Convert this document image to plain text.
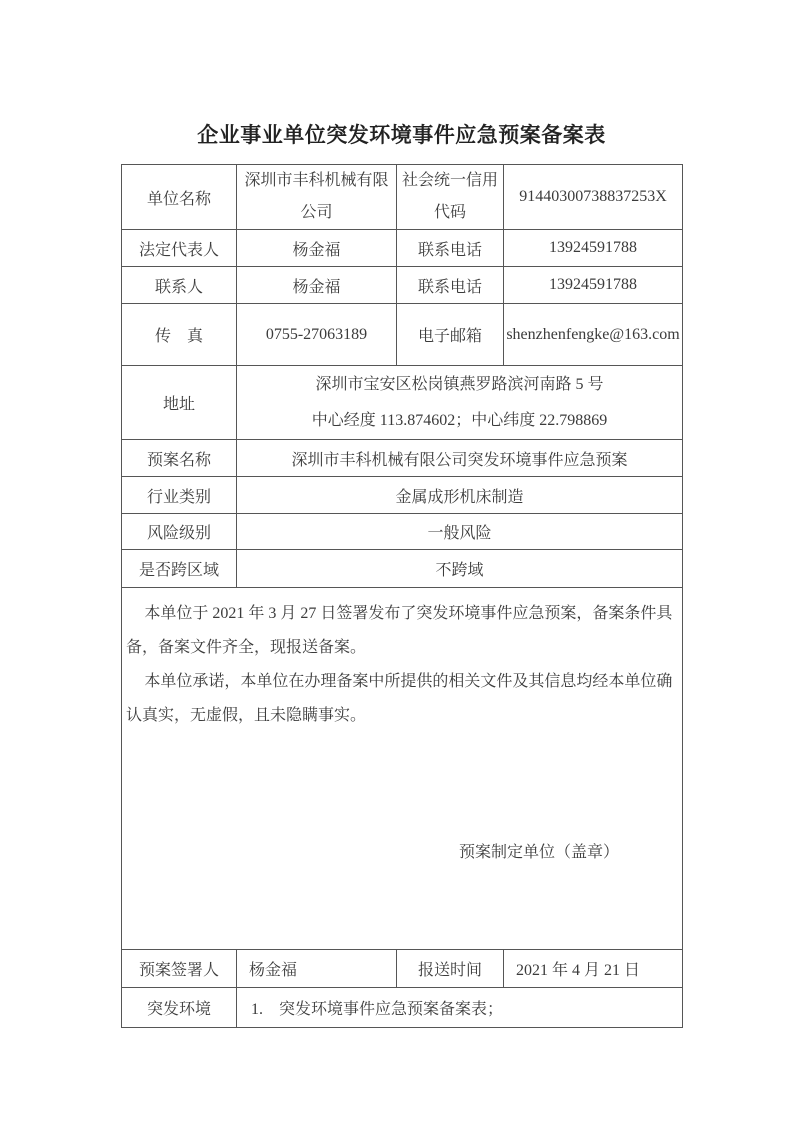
企业事业单位突发环境事件应急预案备案表
单位名称	深圳市丰科机械有限公司	社会统一信用代码	91440300738837253X
法定代表人	杨金福	联系电话	13924591788
联系人	杨金福	联系电话	13924591788
传　真	0755-27063189	电子邮箱	shenzhenfengke@163.com
地址	深圳市宝安区松岗镇燕罗路滨河南路 5 号
中心经度 113.874602；中心纬度 22.798869		

预案名称	深圳市丰科机械有限公司突发环境事件应急预案		
行业类别	金属成形机床制造		
风险级别	一般风险		
是否跨区域	不跨域		

本单位于 2021 年 3 月 27 日签署发布了突发环境事件应急预案，备案条件具备，备案文件齐全，现报送备案。

本单位承诺，本单位在办理备案中所提供的相关文件及其信息均经本单位确认真实，无虚假，且未隐瞒事实。

预案制定单位（盖章）			

预案签署人	杨金福	报送时间	2021 年 4 月 21 日
突发环境	1.　突发环境事件应急预案备案表；		
